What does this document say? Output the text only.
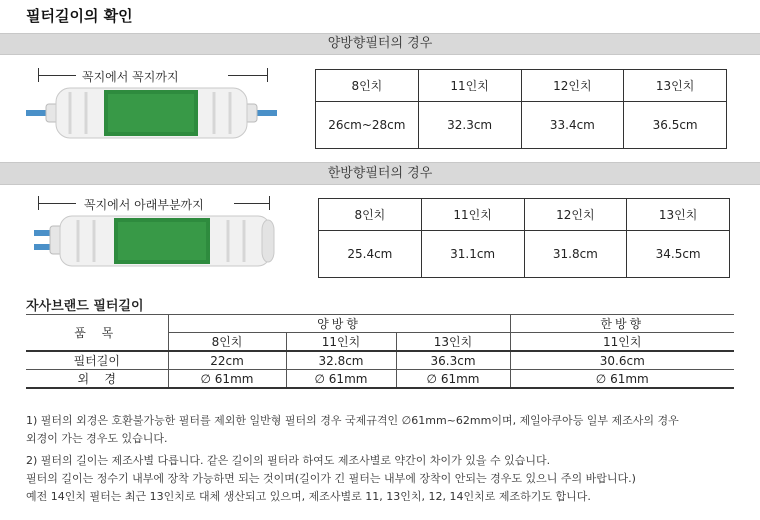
필터길이의 확인
양방향필터의 경우
꼭지에서 꼭지까지
8인치	11인치	12인치	13인치
26cm~28cm	32.3cm	33.4cm	36.5cm
한방향필터의 경우
꼭지에서 아래부분까지
8인치	11인치	12인치	13인치
25.4cm	31.1cm	31.8cm	34.5cm
자사브랜드 필터길이
품 목	양방향			한방향
	8인치	11인치	13인치	11인치
필터길이	22cm	32.8cm	36.3cm	30.6cm
외    경	∅ 61mm	∅ 61mm	∅ 61mm	∅ 61mm

1) 필터의 외경은 호환불가능한 필터를 제외한 일반형 필터의 경우 국제규격인 ∅61mm~62mm이며, 제일아쿠아등 일부 제조사의 경우

외경이 가는 경우도 있습니다.

2) 필터의 길이는 제조사별 다릅니다. 같은 길이의 필터라 하여도 제조사별로 약간이 차이가 있을 수 있습니다.

필터의 길이는 정수기 내부에 장착 가능하면 되는 것이며(길이가 긴 필터는 내부에 장착이 안되는 경우도 있으니 주의 바랍니다.)

예전 14인치 필터는 최근 13인치로 대체 생산되고 있으며, 제조사별로 11, 13인치, 12, 14인치로 제조하기도 합니다.
